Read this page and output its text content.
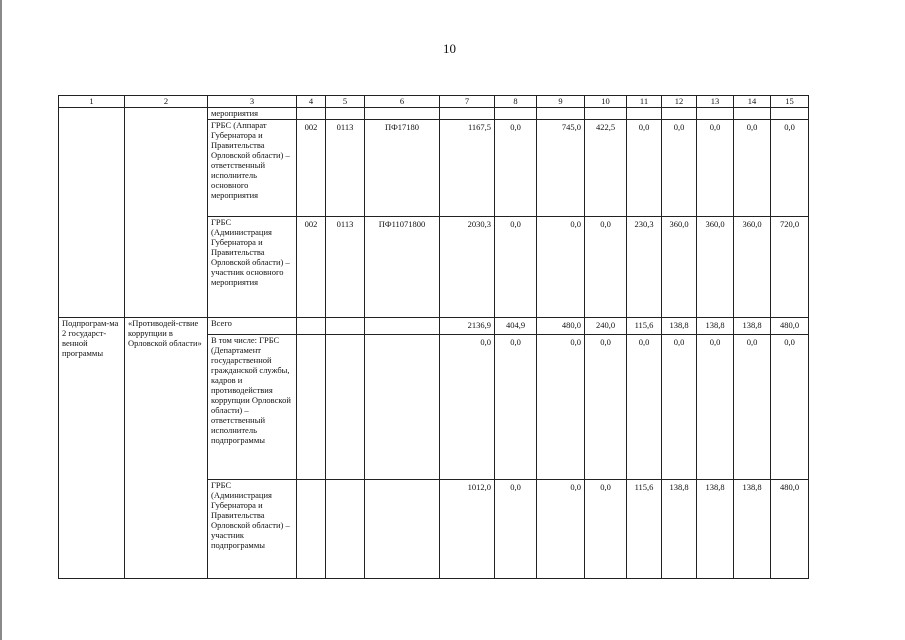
10
1	2	3	4	5	6	7	8	9	10	11	12	13	14	15
		мероприятия												
		ГРБС (Аппарат Губернатора и Правительства Орловской области) – ответственный исполнитель основного мероприятия	002	0113	ПФ17180	1167,5	0,0	745,0	422,5	0,0	0,0	0,0	0,0	0,0
		ГРБС (Администрация Губернатора и Правительства Орловской области) – участник основного мероприятия	002	0113	ПФ11071800	2030,3	0,0	0,0	0,0	230,3	360,0	360,0	360,0	720,0
Подпрограм-ма 2 государст-венной программы	«Противодей-ствие коррупции в Орловской области»	Всего				2136,9	404,9	480,0	240,0	115,6	138,8	138,8	138,8	480,0
		В том числе: ГРБС (Департамент государственной гражданской службы, кадров и противодействия коррупции Орловской области) – ответственный исполнитель подпрограммы				0,0	0,0	0,0	0,0	0,0	0,0	0,0	0,0	0,0
		ГРБС (Администрация Губернатора и Правительства Орловской области) – участник подпрограммы				1012,0	0,0	0,0	0,0	115,6	138,8	138,8	138,8	480,0
